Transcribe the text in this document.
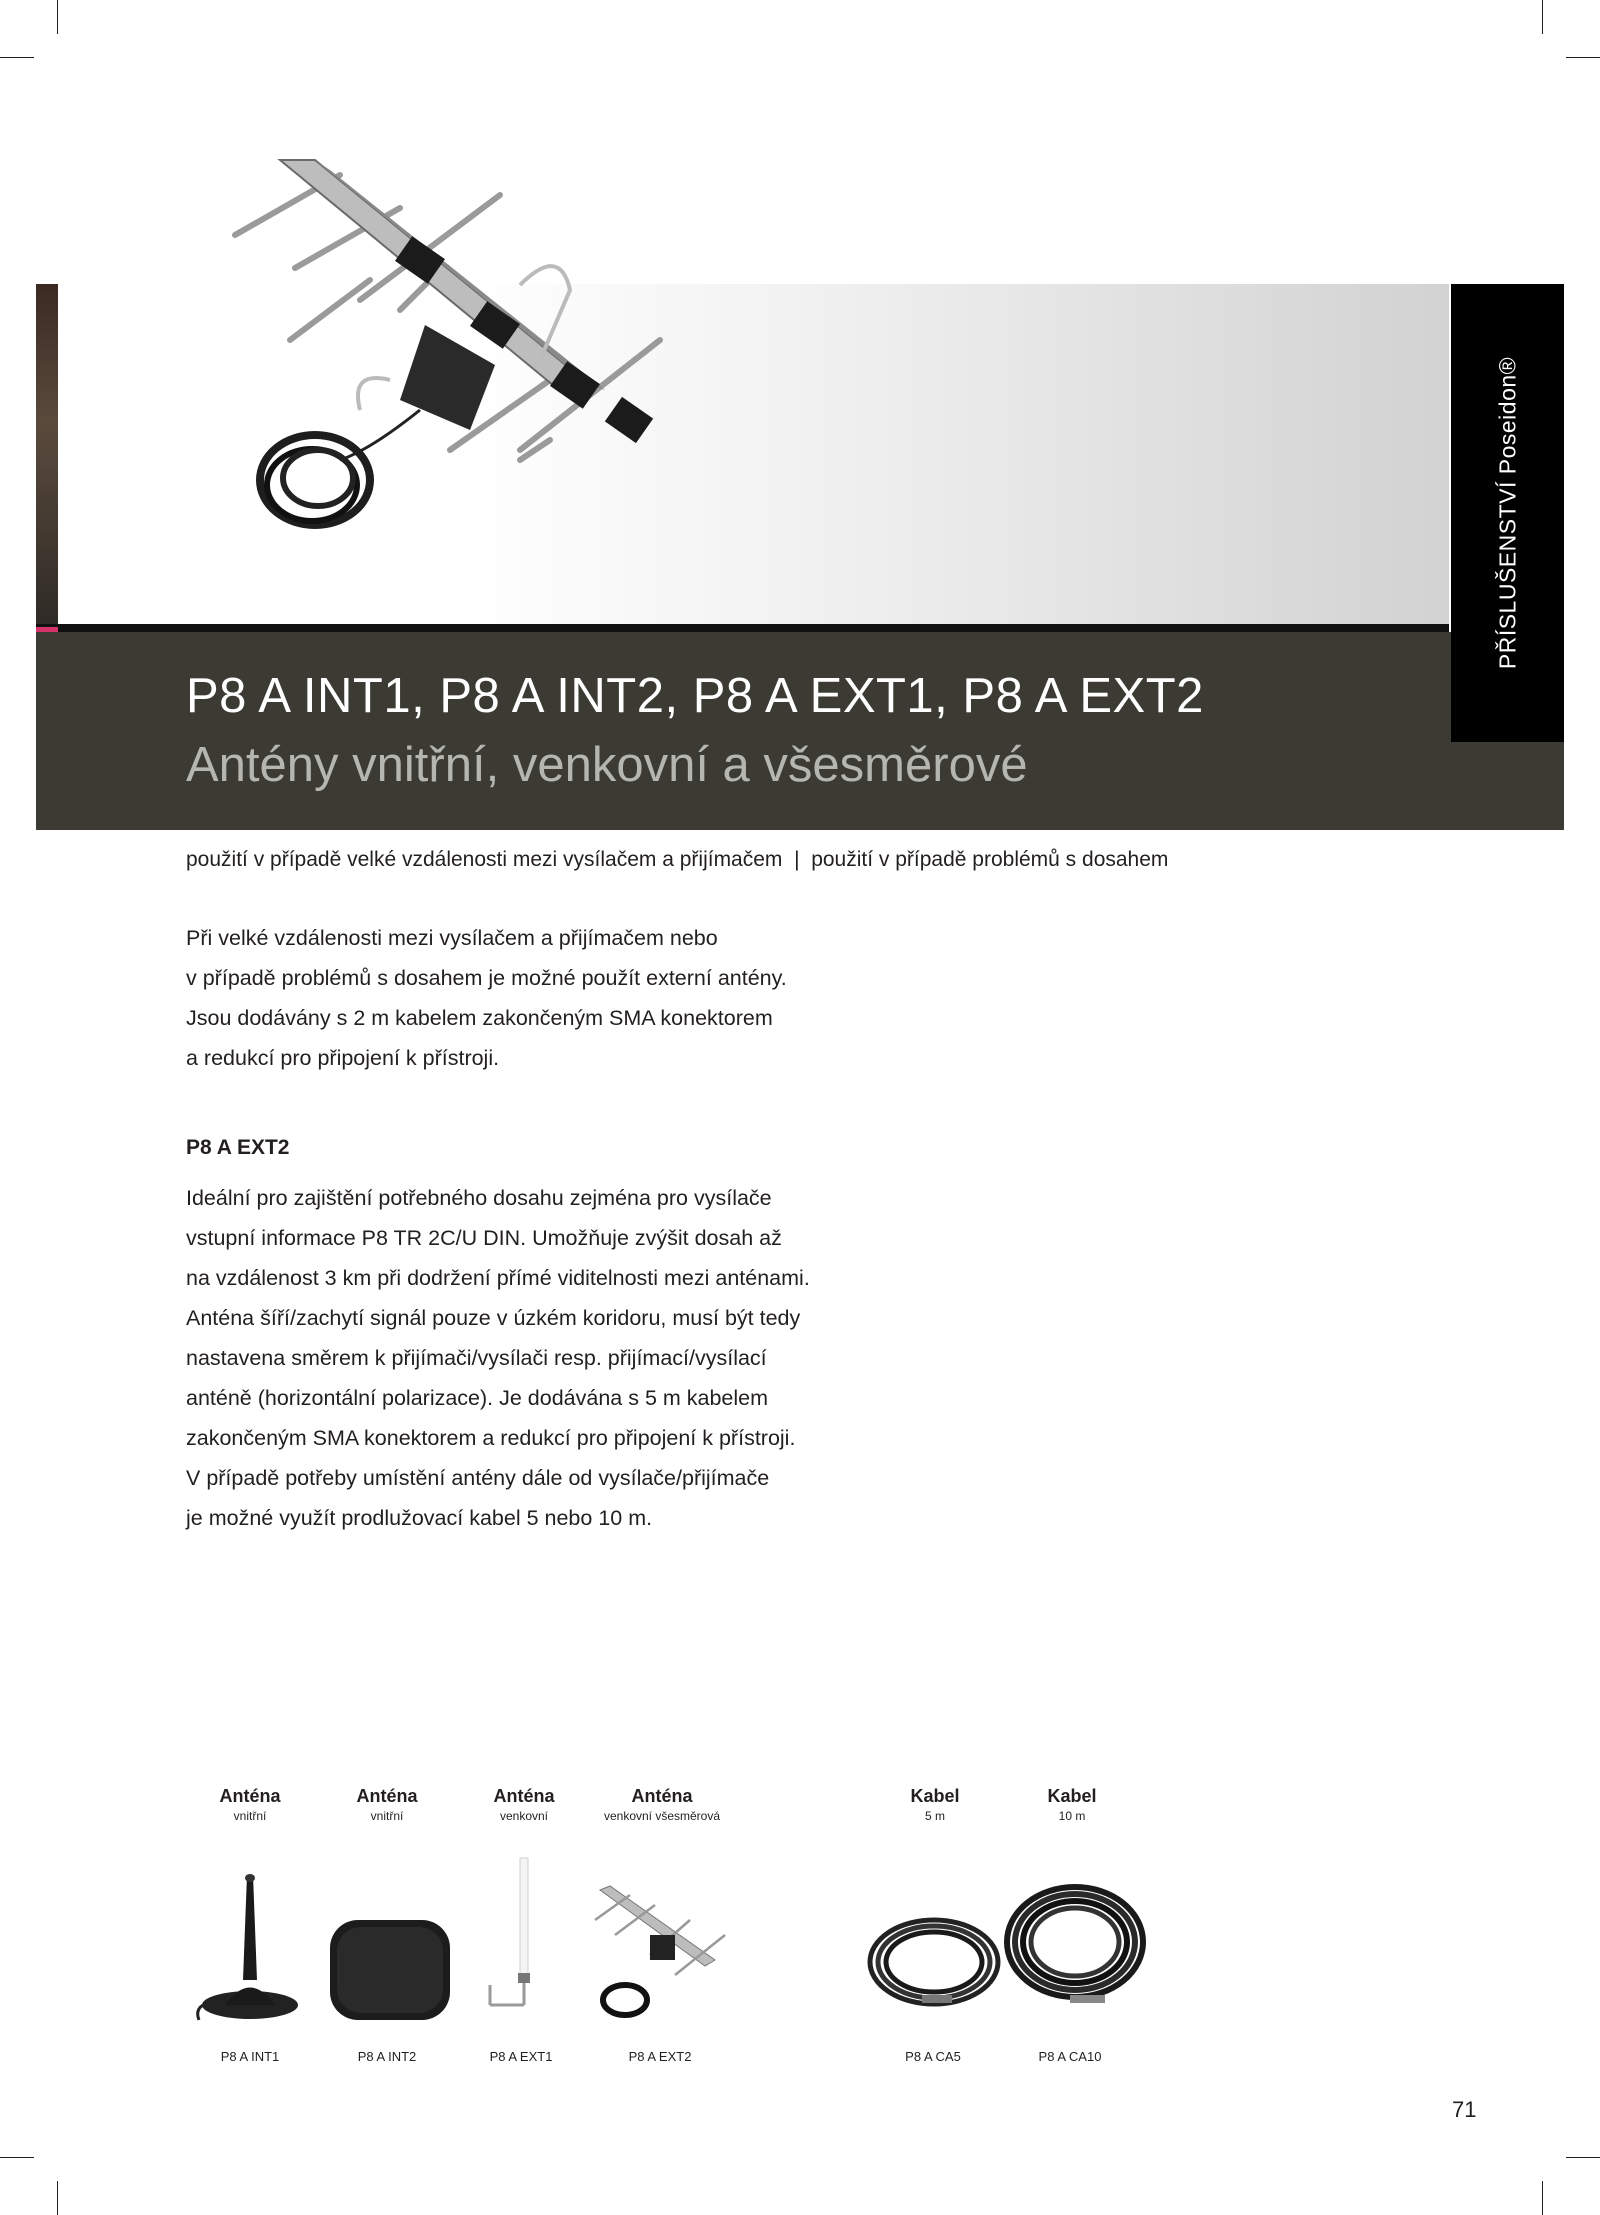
P8 A INT1, P8 A INT2, P8 A EXT1, P8 A EXT2
Antény vnitřní, venkovní a všesměrové
PŘÍSLUŠENSTVÍ Poseidon®
použití v případě velké vzdálenosti mezi vysílačem a přijímačem  |  použití v případě problémů s dosahem
Při velké vzdálenosti mezi vysílačem a přijímačem nebo
v případě problémů s dosahem je možné použít externí antény.
Jsou dodávány s 2 m kabelem zakončeným SMA konektorem
a redukcí pro připojení k přístroji.
P8 A EXT2
Ideální pro zajištění potřebného dosahu zejména pro vysílače
vstupní informace P8 TR 2C/U DIN. Umožňuje zvýšit dosah až
na vzdálenost 3 km při dodržení přímé viditelnosti mezi anténami.
Anténa šíří/zachytí signál pouze v úzkém koridoru, musí být tedy
nastavena směrem k přijímači/vysílači resp. přijímací/vysílací
anténě (horizontální polarizace). Je dodávána s 5 m kabelem
zakončeným SMA konektorem a redukcí pro připojení k přístroji.
V případě potřeby umístění antény dále od vysílače/přijímače
je možné využít prodlužovací kabel 5 nebo 10 m.
Anténa
vnitřní
Anténa
vnitřní
Anténa
venkovní
Anténa
venkovní všesměrová
Kabel
5 m
Kabel
10 m
P8 A INT1	P8 A INT2	P8 A EXT1	P8 A EXT2	P8 A CA5	P8 A CA10
71
